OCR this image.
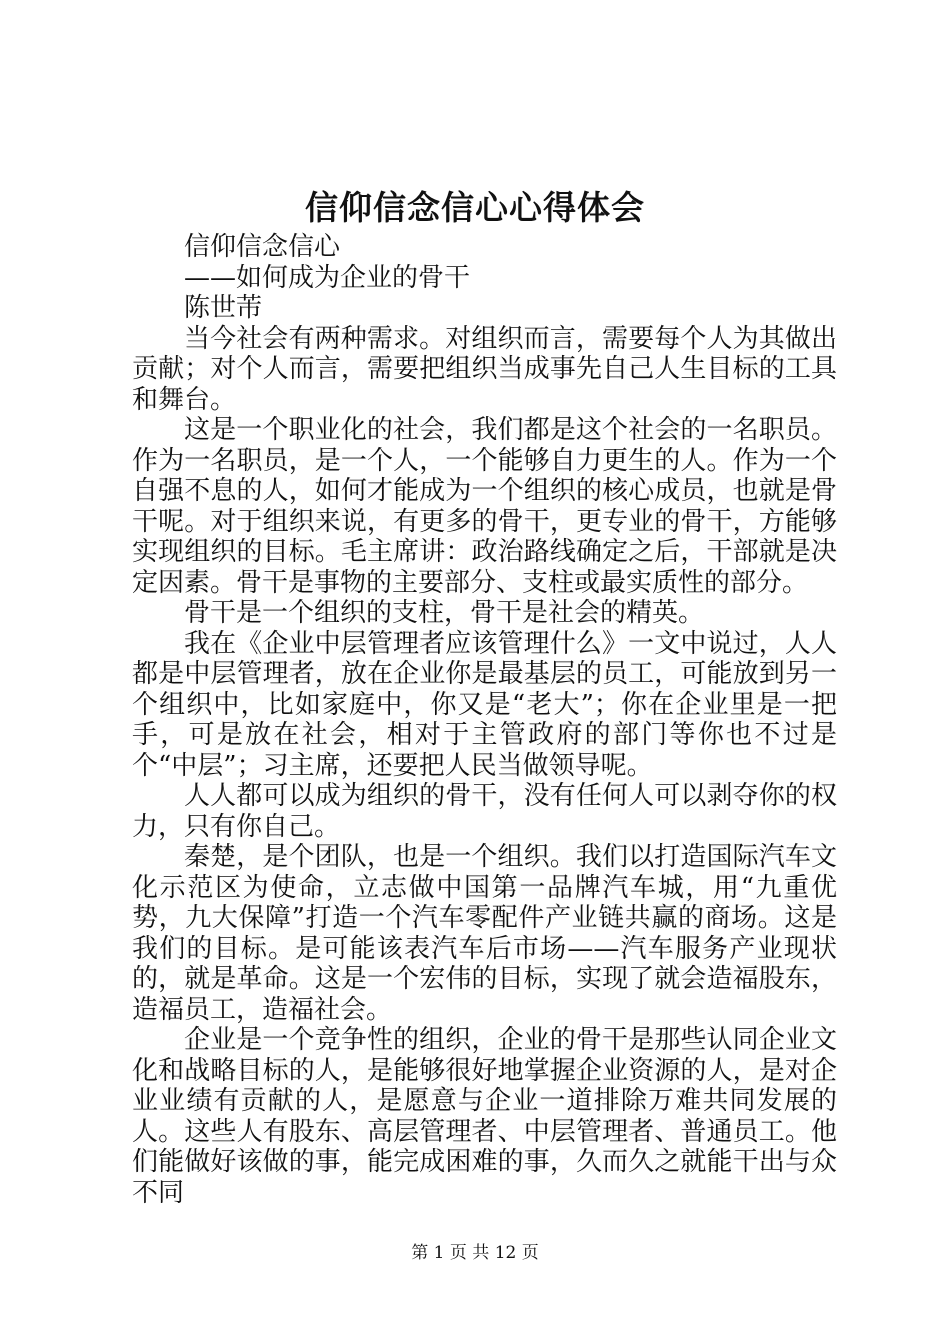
信仰信念信心心得体会

信仰信念信心

——如何成为企业的骨干

陈世芾

当今社会有两种需求。对组织而言，需要每个人为其做出贡献；对个人而言，需要把组织当成事先自己人生目标的工具和舞台。

这是一个职业化的社会，我们都是这个社会的一名职员。作为一名职员，是一个人，一个能够自力更生的人。作为一个自强不息的人，如何才能成为一个组织的核心成员，也就是骨干呢。对于组织来说，有更多的骨干，更专业的骨干，方能够实现组织的目标。毛主席讲：政治路线确定之后，干部就是决定因素。骨干是事物的主要部分、支柱或最实质性的部分。

骨干是一个组织的支柱，骨干是社会的精英。

我在《企业中层管理者应该管理什么》一文中说过，人人都是中层管理者，放在企业你是最基层的员工，可能放到另一个组织中，比如家庭中，你又是“老大”；你在企业里是一把手，可是放在社会，相对于主管政府的部门等你也不过是个“中层”；习主席，还要把人民当做领导呢。

人人都可以成为组织的骨干，没有任何人可以剥夺你的权力，只有你自己。

秦楚，是个团队，也是一个组织。我们以打造国际汽车文化示范区为使命，立志做中国第一品牌汽车城，用“九重优势，九大保障”打造一个汽车零配件产业链共赢的商场。这是我们的目标。是可能该表汽车后市场——汽车服务产业现状的，就是革命。这是一个宏伟的目标，实现了就会造福股东，造福员工，造福社会。

企业是一个竞争性的组织，企业的骨干是那些认同企业文化和战略目标的人，是能够很好地掌握企业资源的人，是对企业业绩有贡献的人，是愿意与企业一道排除万难共同发展的人。这些人有股东、高层管理者、中层管理者、普通员工。他们能做好该做的事，能完成困难的事，久而久之就能干出与众不同

第 1 页 共 12 页
